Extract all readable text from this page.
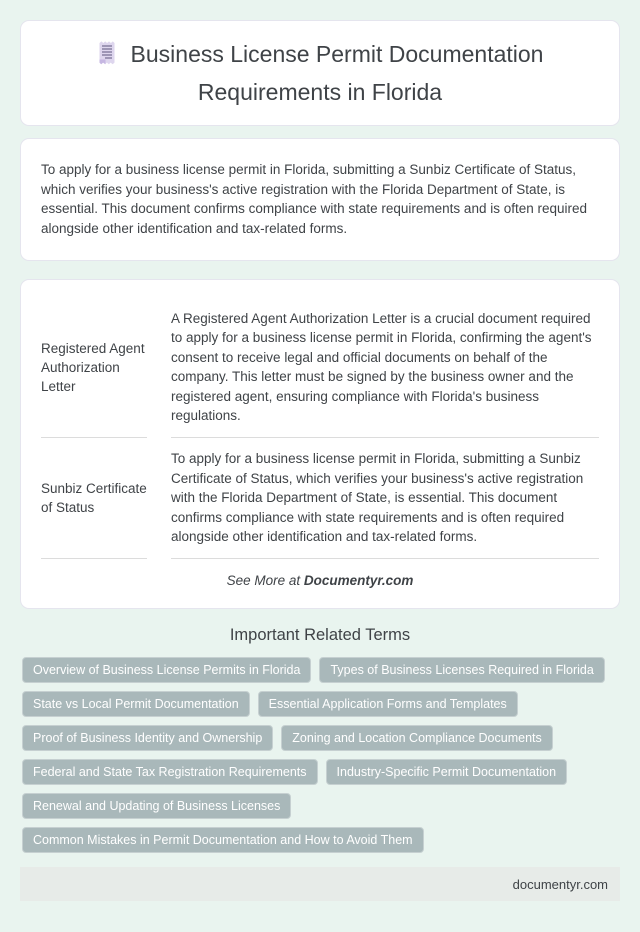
Business License Permit Documentation Requirements in Florida

To apply for a business license permit in Florida, submitting a Sunbiz Certificate of Status, which verifies your business's active registration with the Florida Department of State, is essential. This document confirms compliance with state requirements and is often required alongside other identification and tax-related forms.

Registered Agent Authorization Letter
A Registered Agent Authorization Letter is a crucial document required to apply for a business license permit in Florida, confirming the agent's consent to receive legal and official documents on behalf of the company. This letter must be signed by the business owner and the registered agent, ensuring compliance with Florida's business regulations.
Sunbiz Certificate of Status
To apply for a business license permit in Florida, submitting a Sunbiz Certificate of Status, which verifies your business's active registration with the Florida Department of State, is essential. This document confirms compliance with state requirements and is often required alongside other identification and tax-related forms.

See More at Documentyr.com

Important Related Terms
Overview of Business License Permits in Florida	Types of Business Licenses Required in Florida
State vs Local Permit Documentation	Essential Application Forms and Templates
Proof of Business Identity and Ownership	Zoning and Location Compliance Documents
Federal and State Tax Registration Requirements	Industry-Specific Permit Documentation
Renewal and Updating of Business Licenses
Common Mistakes in Permit Documentation and How to Avoid Them
documentyr.com
